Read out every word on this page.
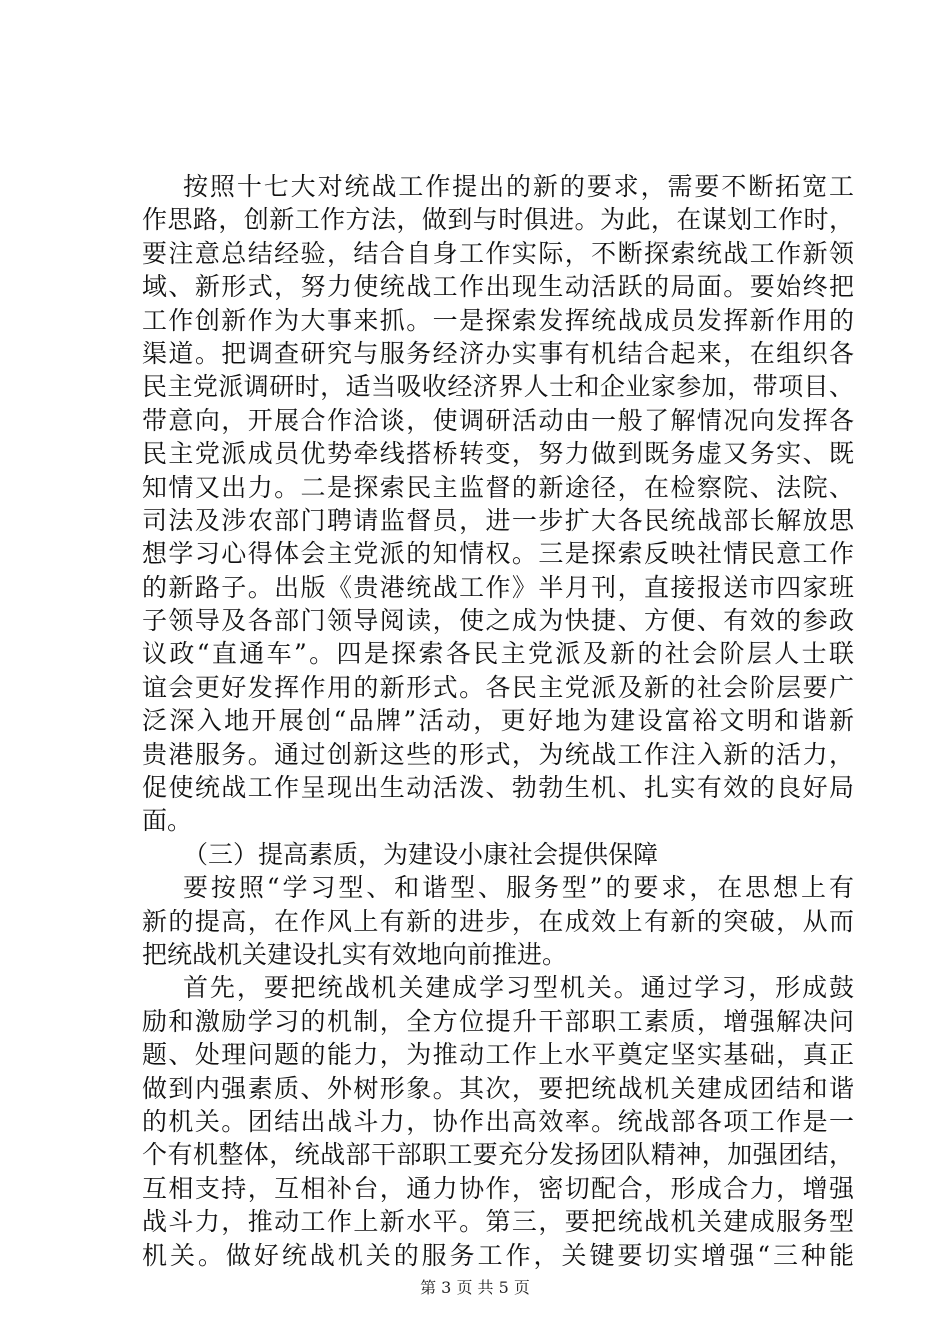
按照十七大对统战工作提出的新的要求，需要不断拓宽工
作思路，创新工作方法，做到与时俱进。为此，在谋划工作时，
要注意总结经验，结合自身工作实际，不断探索统战工作新领
域、新形式，努力使统战工作出现生动活跃的局面。要始终把
工作创新作为大事来抓。一是探索发挥统战成员发挥新作用的
渠道。把调查研究与服务经济办实事有机结合起来，在组织各
民主党派调研时，适当吸收经济界人士和企业家参加，带项目、
带意向，开展合作洽谈，使调研活动由一般了解情况向发挥各
民主党派成员优势牵线搭桥转变，努力做到既务虚又务实、既
知情又出力。二是探索民主监督的新途径，在检察院、法院、
司法及涉农部门聘请监督员，进一步扩大各民统战部长解放思
想学习心得体会主党派的知情权。三是探索反映社情民意工作
的新路子。出版《贵港统战工作》半月刊，直接报送市四家班
子领导及各部门领导阅读，使之成为快捷、方便、有效的参政
议政“直通车”。四是探索各民主党派及新的社会阶层人士联
谊会更好发挥作用的新形式。各民主党派及新的社会阶层要广
泛深入地开展创“品牌”活动，更好地为建设富裕文明和谐新
贵港服务。通过创新这些的形式，为统战工作注入新的活力，
促使统战工作呈现出生动活泼、勃勃生机、扎实有效的良好局
面。
（三）提高素质，为建设小康社会提供保障
要按照“学习型、和谐型、服务型”的要求，在思想上有
新的提高，在作风上有新的进步，在成效上有新的突破，从而
把统战机关建设扎实有效地向前推进。
首先，要把统战机关建成学习型机关。通过学习，形成鼓
励和激励学习的机制，全方位提升干部职工素质，增强解决问
题、处理问题的能力，为推动工作上水平奠定坚实基础，真正
做到内强素质、外树形象。其次，要把统战机关建成团结和谐
的机关。团结出战斗力，协作出高效率。统战部各项工作是一
个有机整体，统战部干部职工要充分发扬团队精神，加强团结，
互相支持，互相补台，通力协作，密切配合，形成合力，增强
战斗力，推动工作上新水平。第三，要把统战机关建成服务型
机关。做好统战机关的服务工作，关键要切实增强“三种能
第 3 页 共 5 页
